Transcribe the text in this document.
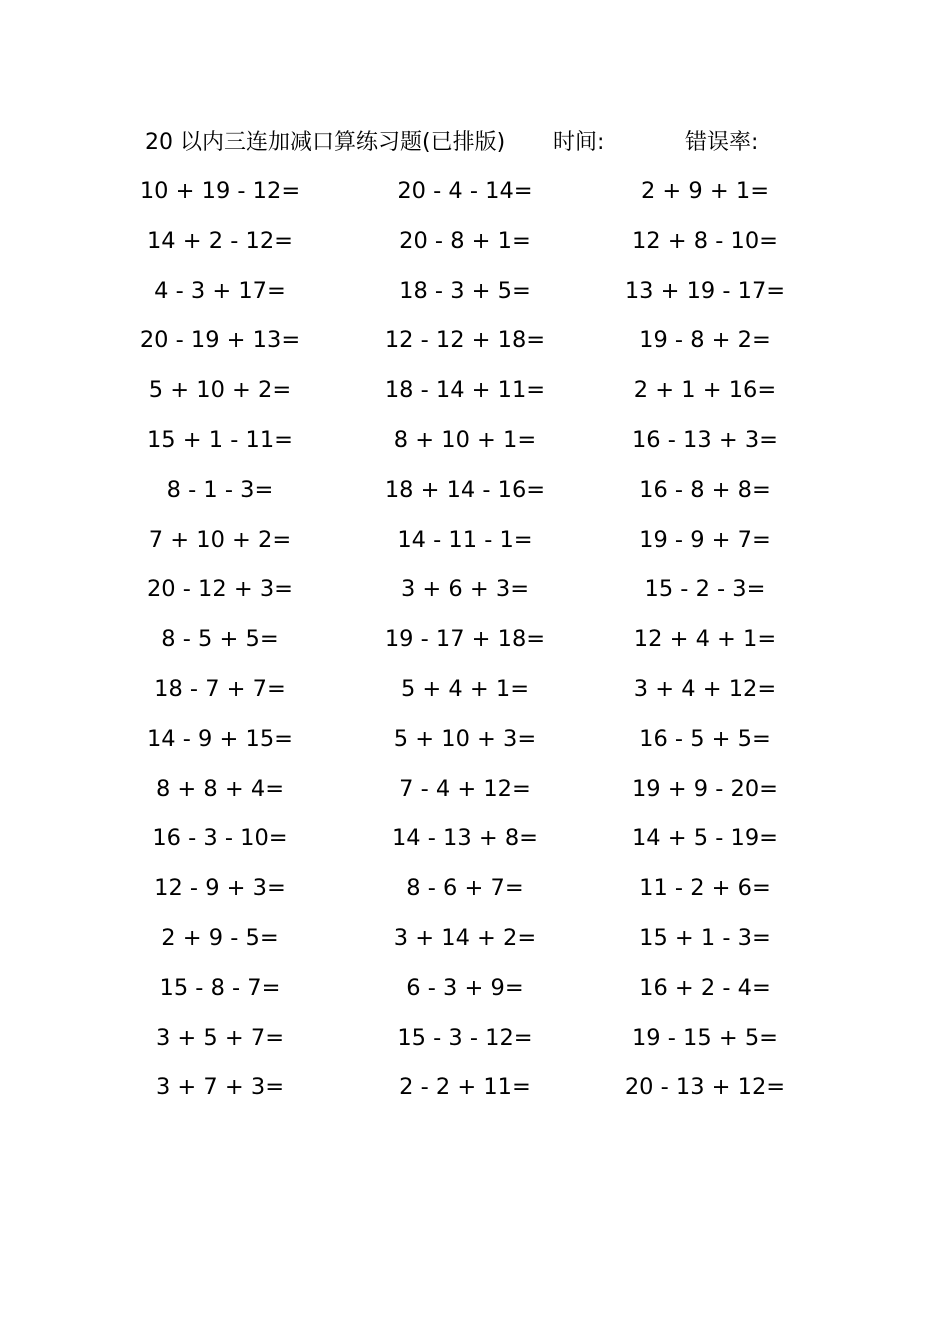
20 以内三连加减口算练习题(已排版) 时间:	错误率:
10 + 19 - 12=
14 + 2 - 12=
4 - 3 + 17=
20 - 19 + 13=
5 + 10 + 2=
15 + 1 - 11=
8 - 1 - 3=
7 + 10 + 2=
20 - 12 + 3=
8 - 5 + 5=
18 - 7 + 7=
14 - 9 + 15=
8 + 8 + 4=
16 - 3 - 10=
12 - 9 + 3=
2 + 9 - 5=
15 - 8 - 7=
3 + 5 + 7=
3 + 7 + 3=
20 - 4 - 14=
20 - 8 + 1=
18 - 3 + 5=
12 - 12 + 18=
18 - 14 + 11=
8 + 10 + 1=
18 + 14 - 16=
14 - 11 - 1=
3 + 6 + 3=
19 - 17 + 18=
5 + 4 + 1=
5 + 10 + 3=
7 - 4 + 12=
14 - 13 + 8=
8 - 6 + 7=
3 + 14 + 2=
6 - 3 + 9=
15 - 3 - 12=
2 - 2 + 11=
2 + 9 + 1=
12 + 8 - 10=
13 + 19 - 17=
19 - 8 + 2=
2 + 1 + 16=
16 - 13 + 3=
16 - 8 + 8=
19 - 9 + 7=
15 - 2 - 3=
12 + 4 + 1=
3 + 4 + 12=
16 - 5 + 5=
19 + 9 - 20=
14 + 5 - 19=
11 - 2 + 6=
15 + 1 - 3=
16 + 2 - 4=
19 - 15 + 5=
20 - 13 + 12=
